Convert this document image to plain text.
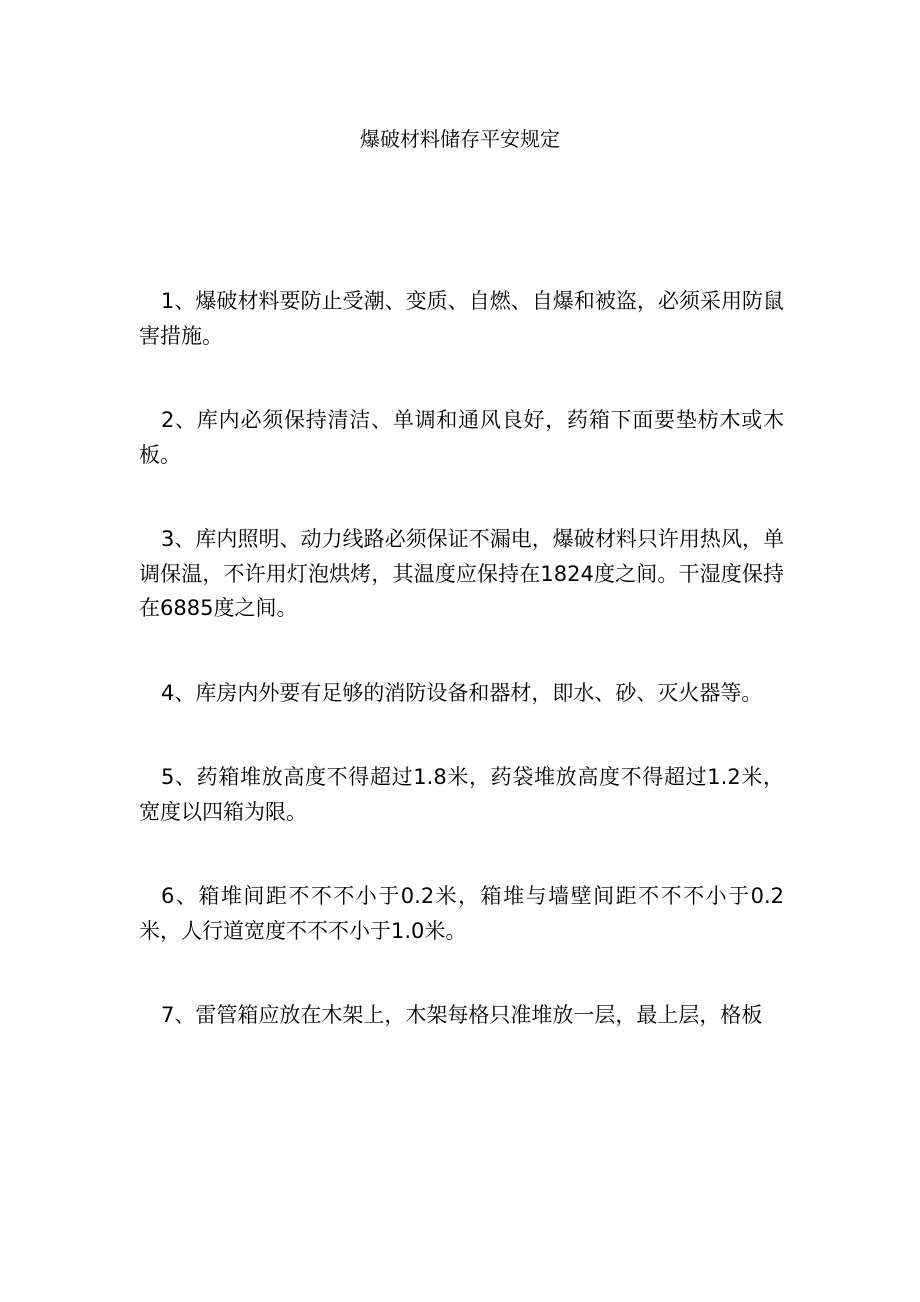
爆破材料储存平安规定

1、爆破材料要防止受潮、变质、自燃、自爆和被盗，必须采用防鼠害措施。

2、库内必须保持清洁、单调和通风良好，药箱下面要垫枋木或木板。

3、库内照明、动力线路必须保证不漏电，爆破材料只许用热风，单调保温，不许用灯泡烘烤，其温度应保持在1824度之间。干湿度保持在6885度之间。

4、库房内外要有足够的消防设备和器材，即水、砂、灭火器等。

5、药箱堆放高度不得超过1.8米，药袋堆放高度不得超过1.2米，宽度以四箱为限。

6、箱堆间距不不不小于0.2米，箱堆与墙壁间距不不不小于0.2米，人行道宽度不不不小于1.0米。

7、雷管箱应放在木架上，木架每格只准堆放一层，最上层，格板
